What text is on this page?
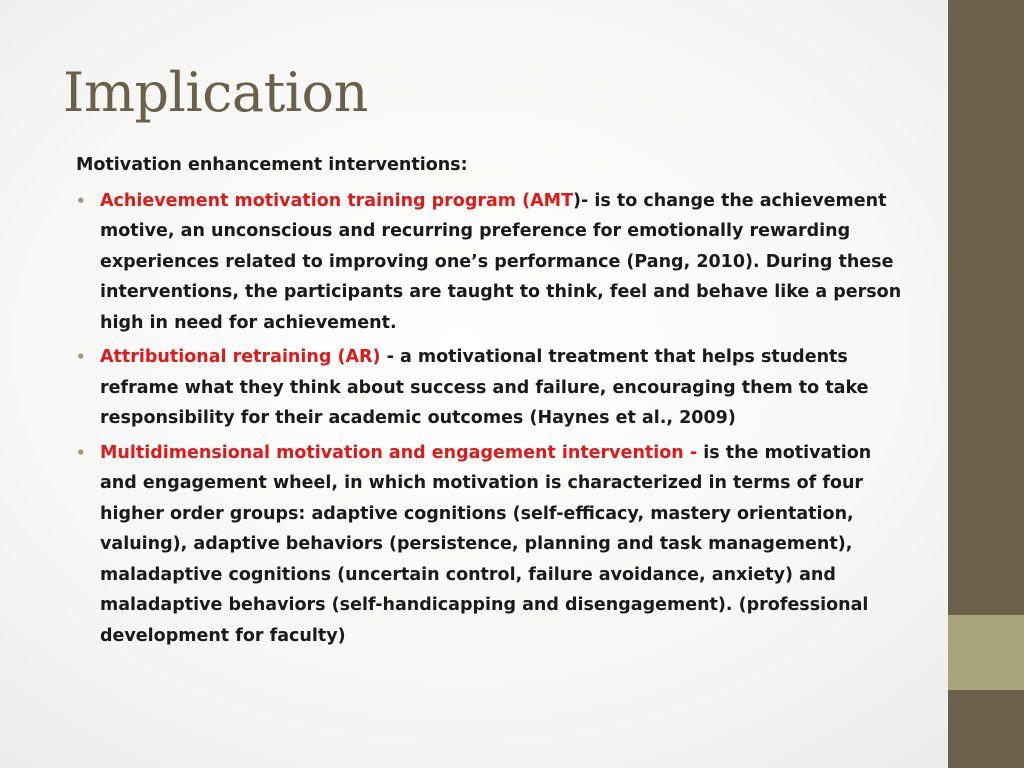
Implication

Motivation enhancement interventions:

• Achievement motivation training program (AMT)- is to change the achievement motive, an unconscious and recurring preference for emotionally rewarding experiences related to improving one’s performance (Pang, 2010). During these interventions, the participants are taught to think, feel and behave like a person high in need for achievement.
• Attributional retraining (AR) - a motivational treatment that helps students reframe what they think about success and failure, encouraging them to take responsibility for their academic outcomes (Haynes et al., 2009)
• Multidimensional motivation and engagement intervention - is the motivation and engagement wheel, in which motivation is characterized in terms of four higher order groups: adaptive cognitions (self-efficacy, mastery orientation, valuing), adaptive behaviors (persistence, planning and task management), maladaptive cognitions (uncertain control, failure avoidance, anxiety) and maladaptive behaviors (self-handicapping and disengagement). (professional development for faculty)
